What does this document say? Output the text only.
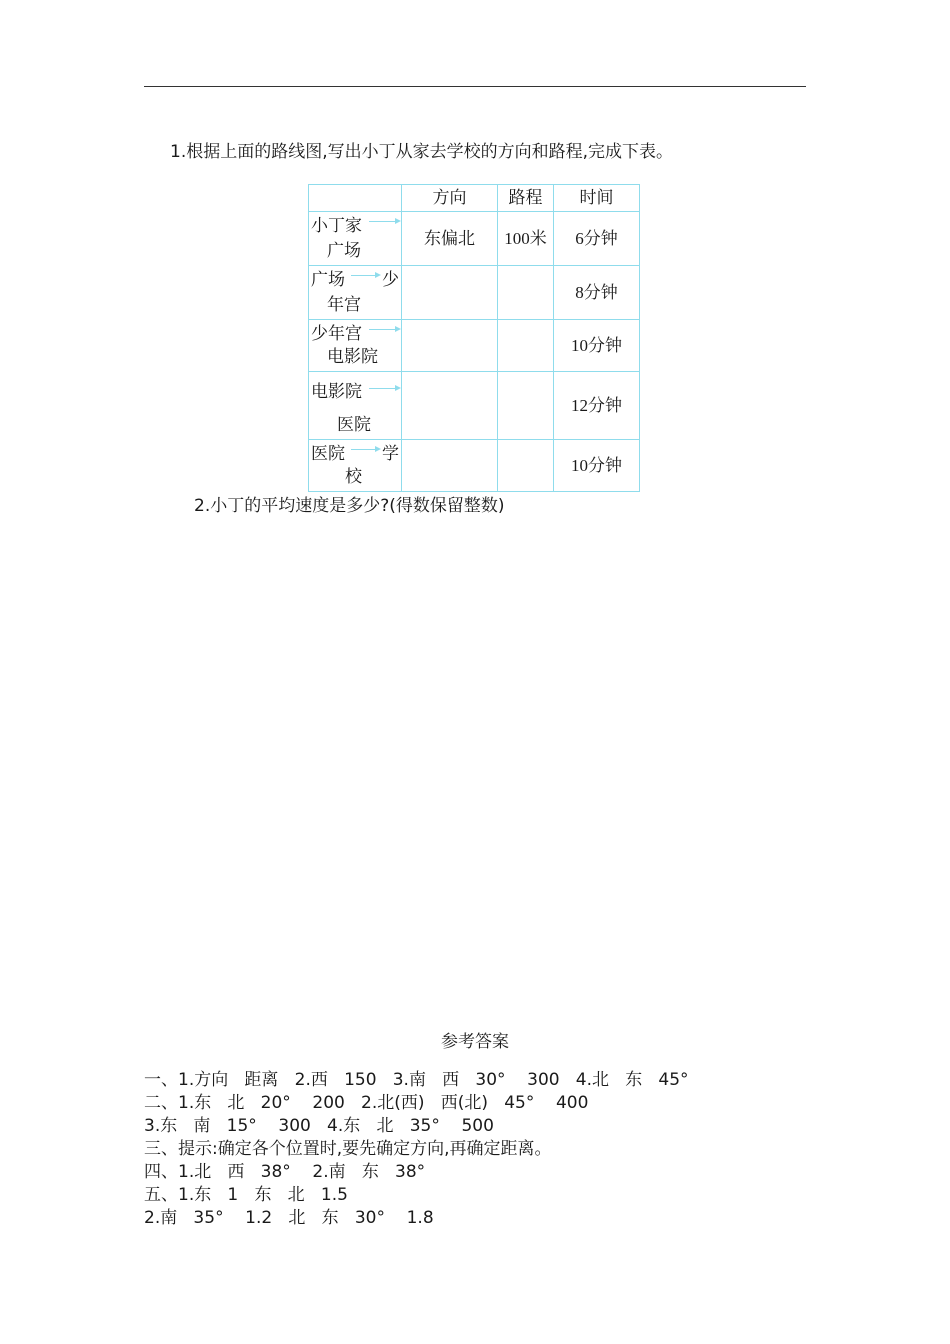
1.根据上面的路线图,写出小丁从家去学校的方向和路程,完成下表。
	方向	路程	时间

小丁家
广场	东偏北	100米	6分钟

广场 少
年宫			8分钟

少年宫
电影院			10分钟

电影院
医院			12分钟

医院 学
校			10分钟
2.小丁的平均速度是多少?(得数保留整数)
参考答案
一、1.方向   距离   2.西   150   3.南   西   30°    300   4.北   东   45°
二、1.东   北   20°    200   2.北(西)   西(北)   45°    400
3.东   南   15°    300   4.东   北   35°    500
三、提示:确定各个位置时,要先确定方向,再确定距离。
四、1.北   西   38°    2.南   东   38°
五、1.东   1   东   北   1.5
2.南   35°    1.2   北   东   30°    1.8
